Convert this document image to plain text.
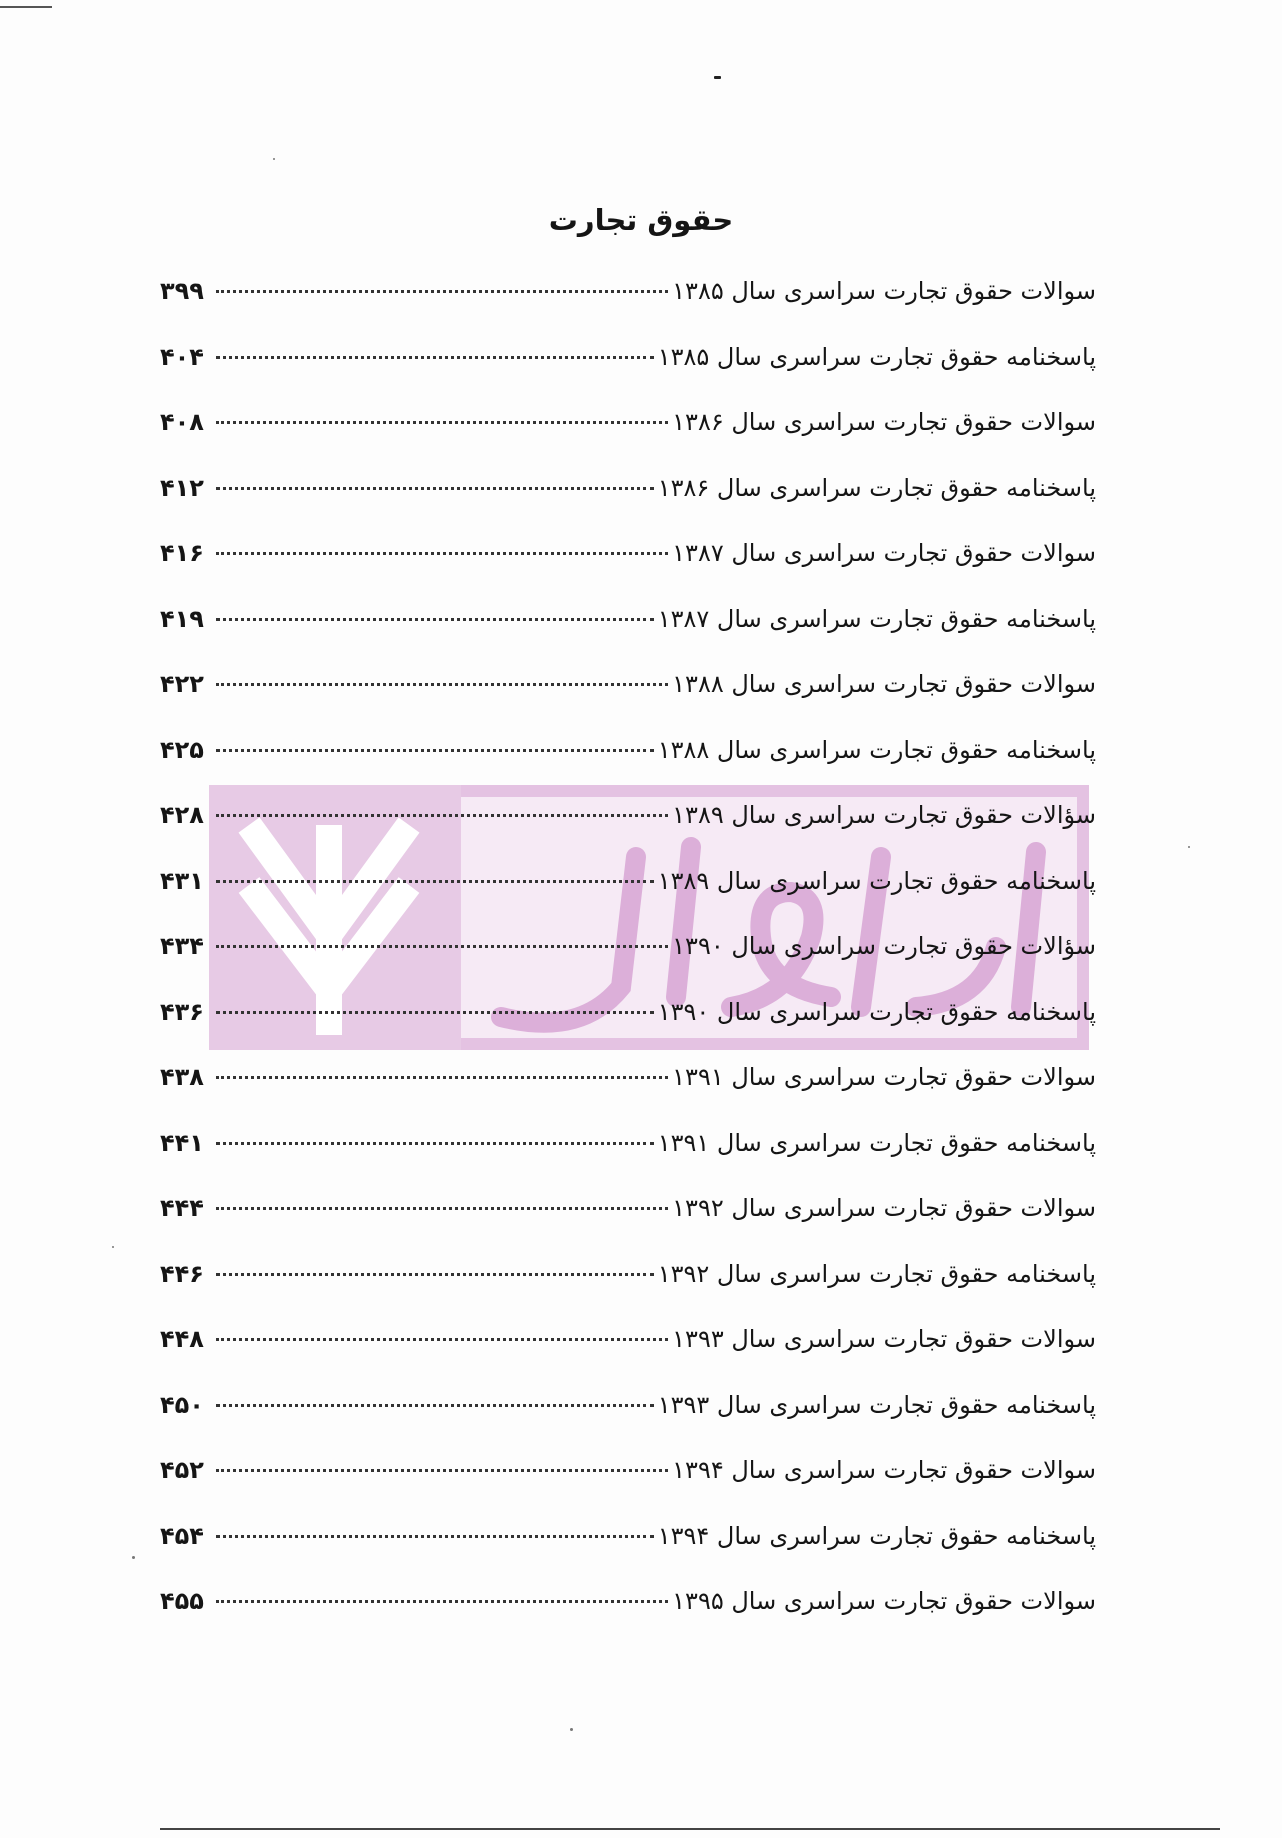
حقوق تجارت
سوالات حقوق تجارت سراسری سال ۱۳۸۵
۳۹۹
پاسخنامه حقوق تجارت سراسری سال ۱۳۸۵
۴۰۴
سوالات حقوق تجارت سراسری سال ۱۳۸۶
۴۰۸
پاسخنامه حقوق تجارت سراسری سال ۱۳۸۶
۴۱۲
سوالات حقوق تجارت سراسری سال ۱۳۸۷
۴۱۶
پاسخنامه حقوق تجارت سراسری سال ۱۳۸۷
۴۱۹
سوالات حقوق تجارت سراسری سال ۱۳۸۸
۴۲۲
پاسخنامه حقوق تجارت سراسری سال ۱۳۸۸
۴۲۵
سؤالات حقوق تجارت سراسری سال ۱۳۸۹
۴۲۸
پاسخنامه حقوق تجارت سراسری سال ۱۳۸۹
۴۳۱
سؤالات حقوق تجارت سراسری سال ۱۳۹۰
۴۳۴
پاسخنامه حقوق تجارت سراسری سال ۱۳۹۰
۴۳۶
سوالات حقوق تجارت سراسری سال ۱۳۹۱
۴۳۸
پاسخنامه حقوق تجارت سراسری سال ۱۳۹۱
۴۴۱
سوالات حقوق تجارت سراسری سال ۱۳۹۲
۴۴۴
پاسخنامه حقوق تجارت سراسری سال ۱۳۹۲
۴۴۶
سوالات حقوق تجارت سراسری سال ۱۳۹۳
۴۴۸
پاسخنامه حقوق تجارت سراسری سال ۱۳۹۳
۴۵۰
سوالات حقوق تجارت سراسری سال ۱۳۹۴
۴۵۲
پاسخنامه حقوق تجارت سراسری سال ۱۳۹۴
۴۵۴
سوالات حقوق تجارت سراسری سال ۱۳۹۵
۴۵۵
